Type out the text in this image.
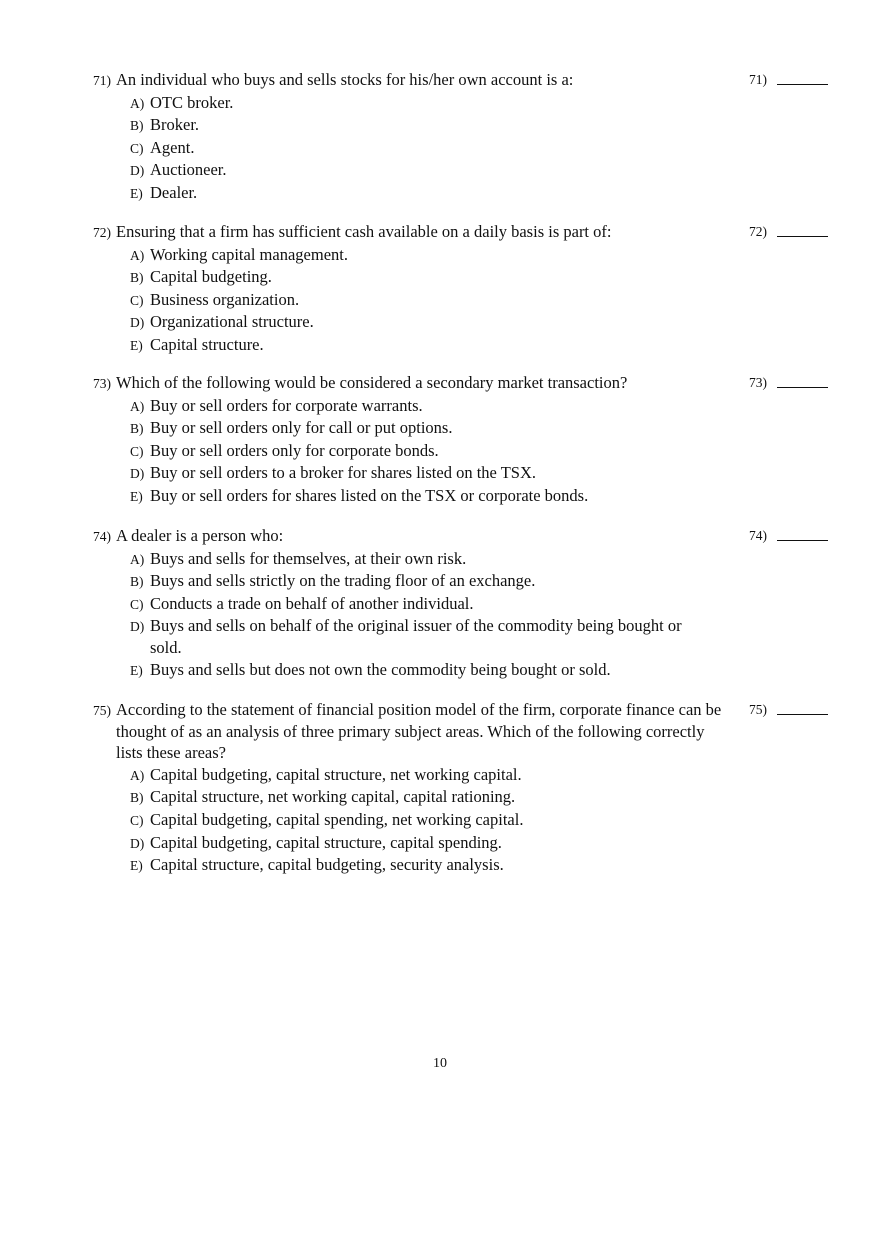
71) An individual who buys and sells stocks for his/her own account is a:	71)
A) OTC broker.
B) Broker.
C) Agent.
D) Auctioneer.
E) Dealer.
72) Ensuring that a firm has sufficient cash available on a daily basis is part of:	72)
A) Working capital management.
B) Capital budgeting.
C) Business organization.
D) Organizational structure.
E) Capital structure.
73) Which of the following would be considered a secondary market transaction?	73)
A) Buy or sell orders for corporate warrants.
B) Buy or sell orders only for call or put options.
C) Buy or sell orders only for corporate bonds.
D) Buy or sell orders to a broker for shares listed on the TSX.
E) Buy or sell orders for shares listed on the TSX or corporate bonds.
74) A dealer is a person who:	74)
A) Buys and sells for themselves, at their own risk.
B) Buys and sells strictly on the trading floor of an exchange.
C) Conducts a trade on behalf of another individual.
D) Buys and sells on behalf of the original issuer of the commodity being bought or sold.
E) Buys and sells but does not own the commodity being bought or sold.
75) According to the statement of financial position model of the firm, corporate finance can be thought of as an analysis of three primary subject areas. Which of the following correctly lists these areas?
75)
A) Capital budgeting, capital structure, net working capital.
B) Capital structure, net working capital, capital rationing.
C) Capital budgeting, capital spending, net working capital.
D) Capital budgeting, capital structure, capital spending.
E) Capital structure, capital budgeting, security analysis.
10
